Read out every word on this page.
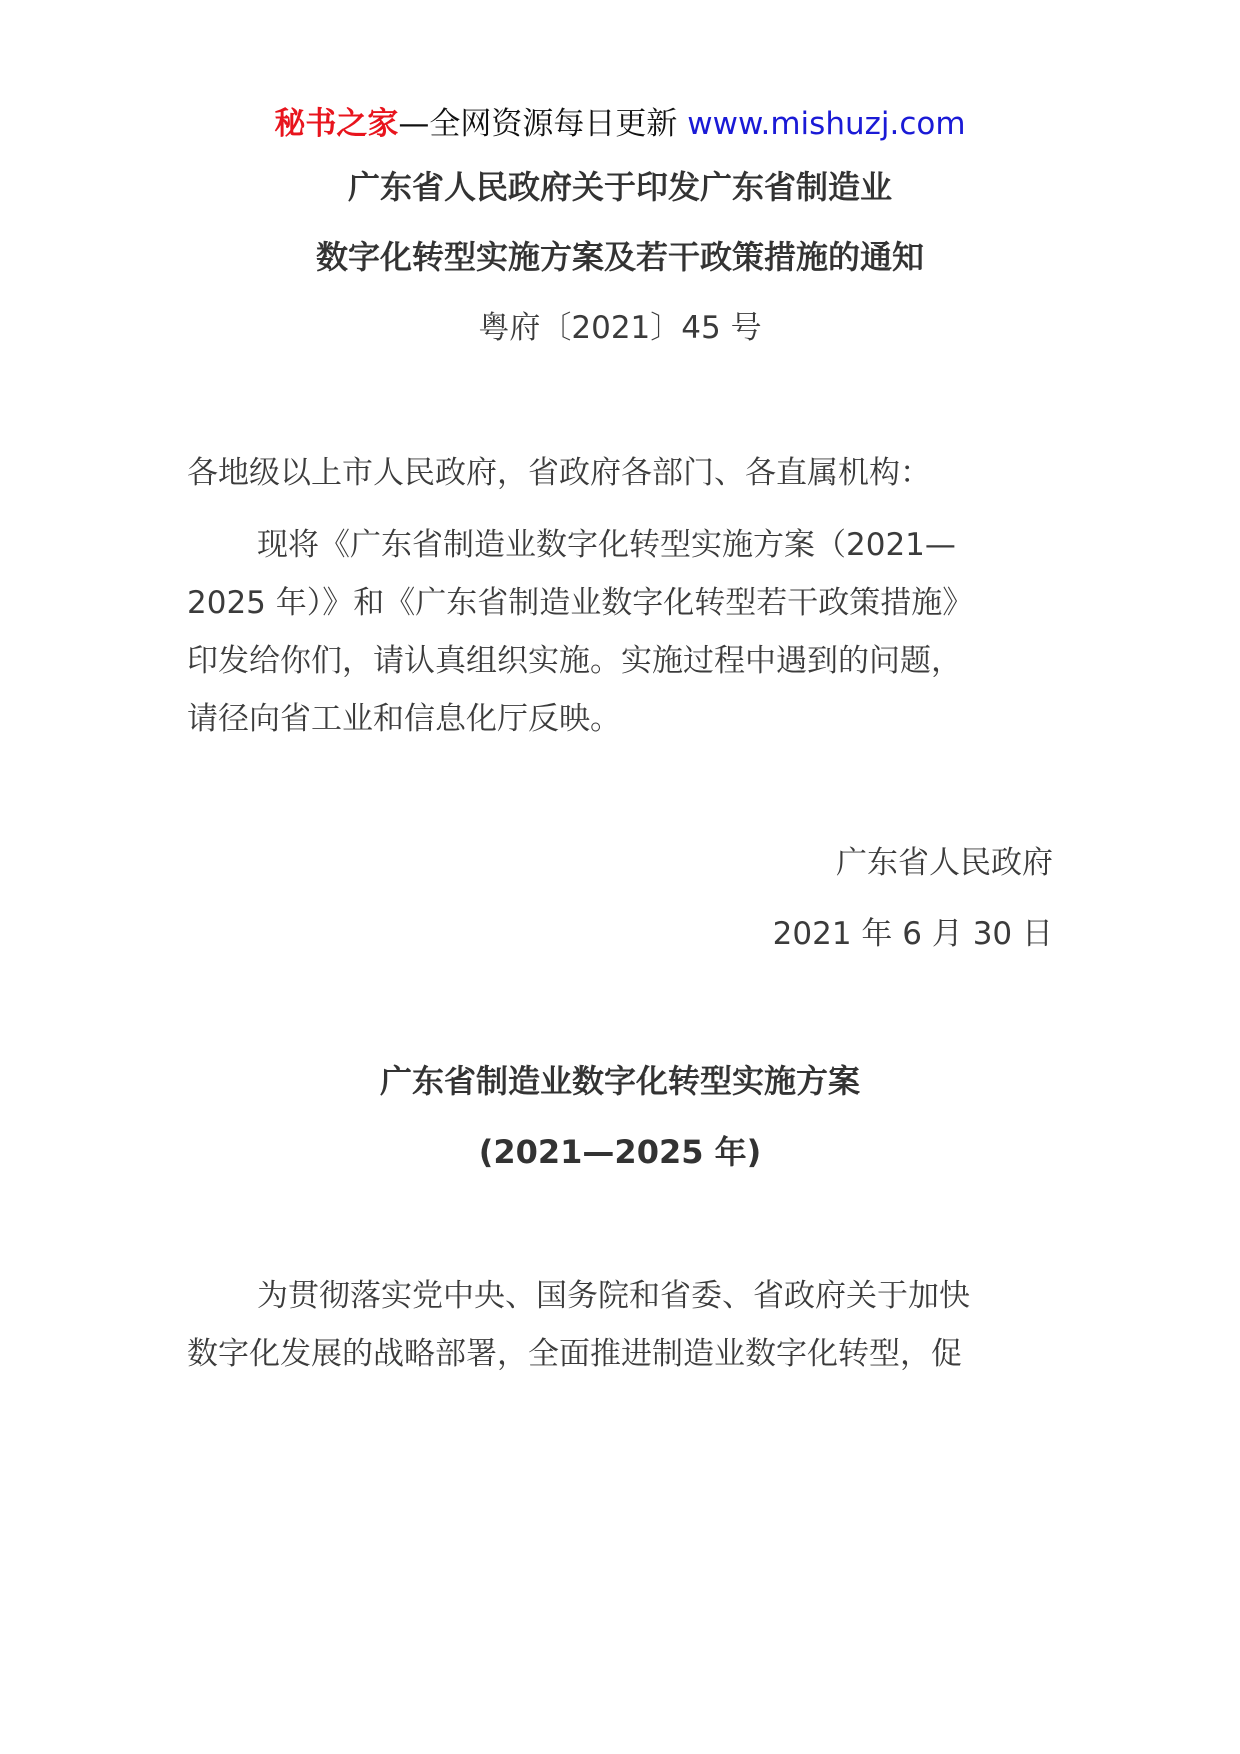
秘书之家—全网资源每日更新 www.mishuzj.com
广东省人民政府关于印发广东省制造业
数字化转型实施方案及若干政策措施的通知
粤府〔2021〕45 号
各地级以上市人民政府，省政府各部门、各直属机构：
现将《广东省制造业数字化转型实施方案（2021—
2025 年）》和《广东省制造业数字化转型若干政策措施》
印发给你们，请认真组织实施。实施过程中遇到的问题，
请径向省工业和信息化厅反映。
广东省人民政府
2021 年 6 月 30 日
广东省制造业数字化转型实施方案
(2021—2025 年)
为贯彻落实党中央、国务院和省委、省政府关于加快
数字化发展的战略部署，全面推进制造业数字化转型，促
